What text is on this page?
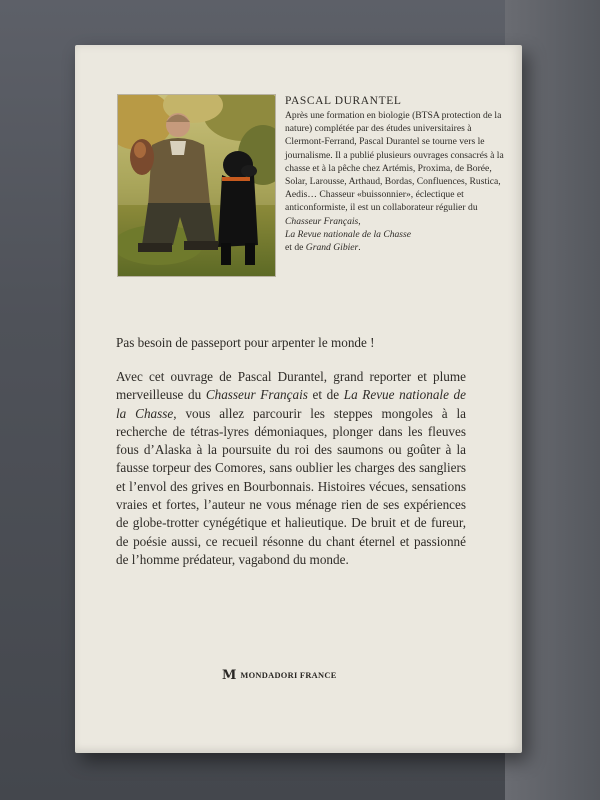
PASCAL DURANTEL
Après une formation en biologie (BTSA protection de la nature) complétée par des études universitaires à Clermont-Ferrand, Pascal Durantel se tourne vers le journalisme. Il a publié plusieurs ouvrages consacrés à la chasse et à la pêche chez Artémis, Proxima, de Borée, Solar, Larousse, Arthaud, Bordas, Confluences, Rustica, Aedis… Chasseur «buissonnier», éclectique et anticonformiste, il est un collaborateur régulier du Chasseur Français,
La Revue nationale de la Chasse
et de Grand Gibier.
Pas besoin de passeport pour arpenter le monde !
Avec cet ouvrage de Pascal Durantel, grand reporter et plume merveilleuse du Chasseur Français et de La Revue nationale de la Chasse, vous allez parcourir les steppes mongoles à la recherche de tétras-lyres démoniaques, plonger dans les fleuves fous d’Alaska à la poursuite du roi des saumons ou goûter à la fausse torpeur des Comores, sans oublier les charges des sangliers et l’envol des grives en Bourbonnais. Histoires vécues, sensations vraies et fortes, l’auteur ne vous ménage rien de ses expériences de globe-trotter cynégétique et halieutique. De bruit et de fureur, de poésie aussi, ce recueil résonne du chant éternel et passionné de l’homme prédateur, vagabond du monde.
M MONDADORI FRANCE
